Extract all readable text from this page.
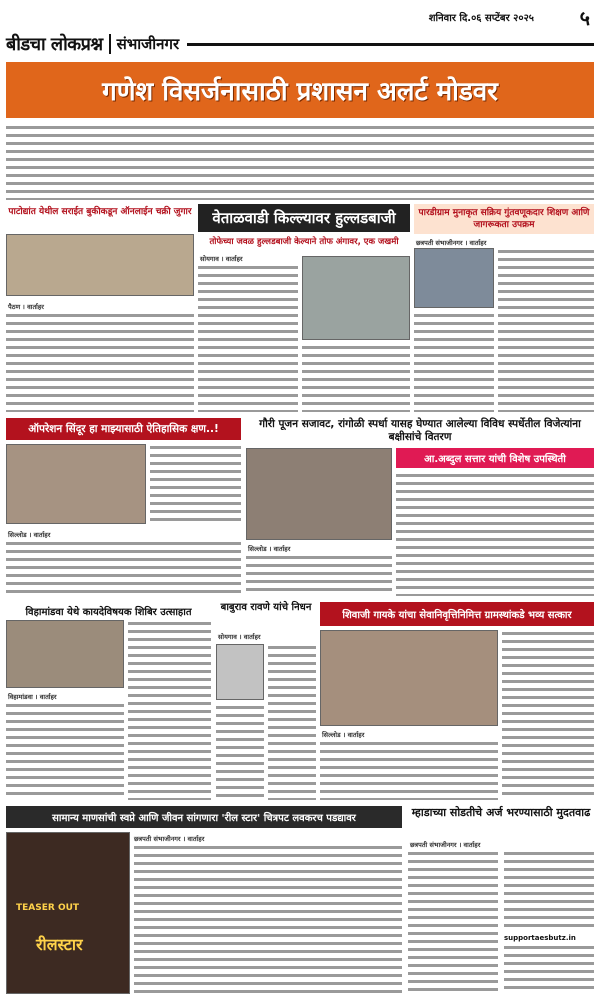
शनिवार दि.०६ सप्टेंबर २०२५ ५
बीडचा लोकप्रश्न संभाजीनगर
गणेश विसर्जनासाठी प्रशासन अलर्ट मोडवर
पाटोद्यांत येथील सराईत बुकीकडून ऑनलाईन चक्री जुगार
पैठण । वार्ताहर
वेताळवाडी किल्ल्यावर हुल्लडबाजी
तोफेच्या जवळ हुल्लडबाजी केल्याने तोफ अंगावर, एक जखमी
सोयगाव । वार्ताहर
पारडीग्राम मुनाकृत सक्रिय गुंतवणूकदार शिक्षण आणि जागरूकता उपक्रम
छत्रपती संभाजीनगर । वार्ताहर
ऑपरेशन सिंदूर हा माझ्यासाठी ऐतिहासिक क्षण..!
सिल्लोड । वार्ताहर
गौरी पूजन सजावट, रांगोळी स्पर्धा यासह घेण्यात आलेल्या विविध स्पर्धेतील विजेत्यांना बक्षीसांचे वितरण
आ.अब्दुल सत्तार यांची विशेष उपस्थिती
सिल्लोड । वार्ताहर
विहामांडवा येथे कायदेविषयक शिबिर उत्साहात
विहामांडवा । वार्ताहर
बाबुराव रावणे यांचे निधन
सोयगाव । वार्ताहर
शिवाजी गायके यांचा सेवानिवृत्तिनिमित्त ग्रामस्थांकडे भव्य सत्कार
सिल्लोड । वार्ताहर
सामान्य माणसांची स्वप्ने आणि जीवन सांगणारा 'रील स्टार' चित्रपट लवकरच पडद्यावर
TEASER OUT
रीलस्टार
छत्रपती संभाजीनगर । वार्ताहर
म्हाडाच्या सोडतीचे अर्ज भरण्यासाठी मुदतवाढ
छत्रपती संभाजीनगर । वार्ताहर
supportaesbutz.in
